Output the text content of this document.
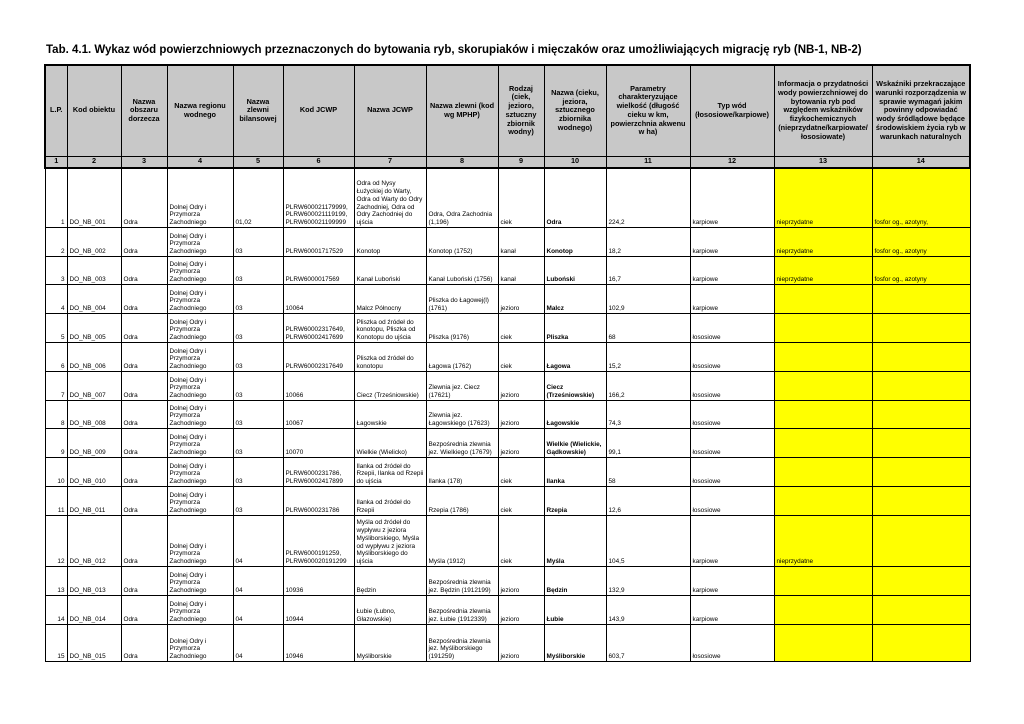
Tab. 4.1. Wykaz wód powierzchniowych przeznaczonych do bytowania ryb, skorupiaków i mięczaków oraz umożliwiających migrację ryb (NB-1, NB-2)
L.P.	Kod obiektu	Nazwa obszaru dorzecza	Nazwa regionu wodnego	Nazwa zlewni bilansowej	Kod JCWP	Nazwa JCWP	Nazwa zlewni (kod wg MPHP)	Rodzaj (ciek, jezioro, sztuczny zbiornik wodny)	Nazwa (cieku, jeziora, sztucznego zbiornika wodnego)	Parametry charakteryzujące wielkość (długość cieku w km, powierzchnia akwenu w ha)	Typ wód (łososiowe/karpiowe)	Informacja o przydatności wody powierzchniowej do bytowania ryb pod względem wskaźników fizykochemicznych (nieprzydatne/karpiowate/łososiowate)	Wskaźniki przekraczające warunki rozporządzenia w sprawie wymagań jakim powinny odpowiadać wody śródlądowe będące środowiskiem życia ryb w warunkach naturalnych
1	2	3	4	5	6	7	8	9	10	11	12	13	14
1	DO_NB_001	Odra	Dolnej Odry i Przymorza Zachodniego	01,02	PLRW600021179999, PLRW600021119199, PLRW600021199999	Odra od Nysy Łużyckiej do Warty, Odra od Warty do Odry Zachodniej, Odra od Odry Zachodniej do ujścia	Odra, Odra Zachodnia (1,196)	ciek	Odra	224,2	karpiowe	nieprzydatne	fosfor og., azotyny,
2	DO_NB_002	Odra	Dolnej Odry i Przymorza Zachodniego	03	PLRW60001717529	Konotop	Konotop (1752)	kanał	Konotop	18,2	karpiowe	nieprzydatne	fosfor og., azotyny
3	DO_NB_003	Odra	Dolnej Odry i Przymorza Zachodniego	03	PLRW6000017569	Kanał Luboński	Kanał Luboński (1756)	kanał	Luboński	16,7	karpiowe	nieprzydatne	fosfor og., azotyny
4	DO_NB_004	Odra	Dolnej Odry i Przymorza Zachodniego	03	10064	Malcz Północny	Pliszka do Łagowej(l) (1761)	jezioro	Malcz	102,9	karpiowe		
5	DO_NB_005	Odra	Dolnej Odry i Przymorza Zachodniego	03	PLRW60002317649, PLRW60002417699	Pliszka od źródeł do konotopu, Pliszka od Konotopu do ujścia	Pliszka (9176)	ciek	Pliszka	68	łososiowe		
6	DO_NB_006	Odra	Dolnej Odry i Przymorza Zachodniego	03	PLRW60002317649	Pliszka od źródeł do konotopu	Łagowa (1762)	ciek	Łagowa	15,2	łososiowe		
7	DO_NB_007	Odra	Dolnej Odry i Przymorza Zachodniego	03	10066	Ciecz (Trześniowskie)	Zlewnia jez. Ciecz (17621)	jezioro	Ciecz (Trześniowskie)	166,2	łososiowe		
8	DO_NB_008	Odra	Dolnej Odry i Przymorza Zachodniego	03	10067	Łagowskie	Zlewnia jez. Łagowskiego (17623)	jezioro	Łagowskie	74,3	łososiowe		
9	DO_NB_009	Odra	Dolnej Odry i Przymorza Zachodniego	03	10070	Wielkie (Wielicko)	Bezpośrednia zlewnia jez. Wielkiego (17679)	jezioro	Wielkie (Wielickie, Gądkowskie)	99,1	łososiowe		
10	DO_NB_010	Odra	Dolnej Odry i Przymorza Zachodniego	03	PLRW6000231786, PLRW60002417899	Ilanka od źródeł do Rzepii, Ilanka od Rzepii do ujścia	Ilanka (178)	ciek	Ilanka	58	łososiowe		
11	DO_NB_011	Odra	Dolnej Odry i Przymorza Zachodniego	03	PLRW6000231786	Ilanka od źródeł do Rzepii	Rzepia (1786)	ciek	Rzepia	12,6	łososiowe		
12	DO_NB_012	Odra	Dolnej Odry i Przymorza Zachodniego	04	PLRW6000191259, PLRW600020191299	Myśla od źródeł do wypływu z jeziora Myśliborskiego, Myśla od wypływu z jeziora Myśliborskiego do ujścia	Myśla (1912)	ciek	Myśla	104,5	karpiowe	nieprzydatne	
13	DO_NB_013	Odra	Dolnej Odry i Przymorza Zachodniego	04	10936	Będzin	Bezpośrednia zlewnia jez. Będzin (1912199)	jezioro	Będzin	132,9	karpiowe		
14	DO_NB_014	Odra	Dolnej Odry i Przymorza Zachodniego	04	10944	Łubie (Łubno, Głazowskie)	Bezpośrednia zlewnia jez. Łubie (1912339)	jezioro	Łubie	143,9	karpiowe		
15	DO_NB_015	Odra	Dolnej Odry i Przymorza Zachodniego	04	10946	Myśliborskie	Bezpośrednia zlewnia jez. Myśliborskiego (191259)	jezioro	Myśliborskie	603,7	łososiowe		
